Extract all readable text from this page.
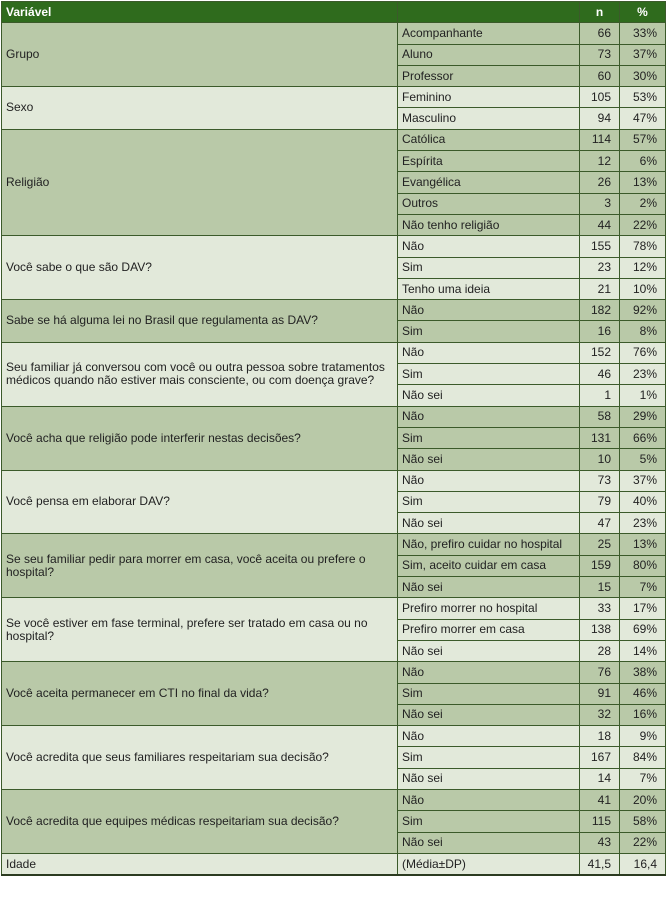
Variável		n	%
Grupo	Acompanhante	66	33%
	Aluno	73	37%
	Professor	60	30%
Sexo	Feminino	105	53%
	Masculino	94	47%
Religião	Católica	114	57%
	Espírita	12	6%
	Evangélica	26	13%
	Outros	3	2%
	Não tenho religião	44	22%
Você sabe o que são DAV?	Não	155	78%
	Sim	23	12%
	Tenho uma ideia	21	10%
Sabe se há alguma lei no Brasil que regulamenta as DAV?	Não	182	92%
	Sim	16	8%
Seu familiar já conversou com você ou outra pessoa sobre tratamentos médicos quando não estiver mais consciente, ou com doença grave?	Não	152	76%
	Sim	46	23%
	Não sei	1	1%
Você acha que religião pode interferir nestas decisões?	Não	58	29%
	Sim	131	66%
	Não sei	10	5%
Você pensa em elaborar DAV?	Não	73	37%
	Sim	79	40%
	Não sei	47	23%
Se seu familiar pedir para morrer em casa, você aceita ou prefere o hospital?	Não, prefiro cuidar no hospital	25	13%
	Sim, aceito cuidar em casa	159	80%
	Não sei	15	7%
Se você estiver em fase terminal, prefere ser tratado em casa ou no hospital?	Prefiro morrer no hospital	33	17%
	Prefiro morrer em casa	138	69%
	Não sei	28	14%
Você aceita permanecer em CTI no final da vida?	Não	76	38%
	Sim	91	46%
	Não sei	32	16%
Você acredita que seus familiares respeitariam sua decisão?	Não	18	9%
	Sim	167	84%
	Não sei	14	7%
Você acredita que equipes médicas respeitariam sua decisão?	Não	41	20%
	Sim	115	58%
	Não sei	43	22%
Idade	(Média±DP)	41,5	16,4
